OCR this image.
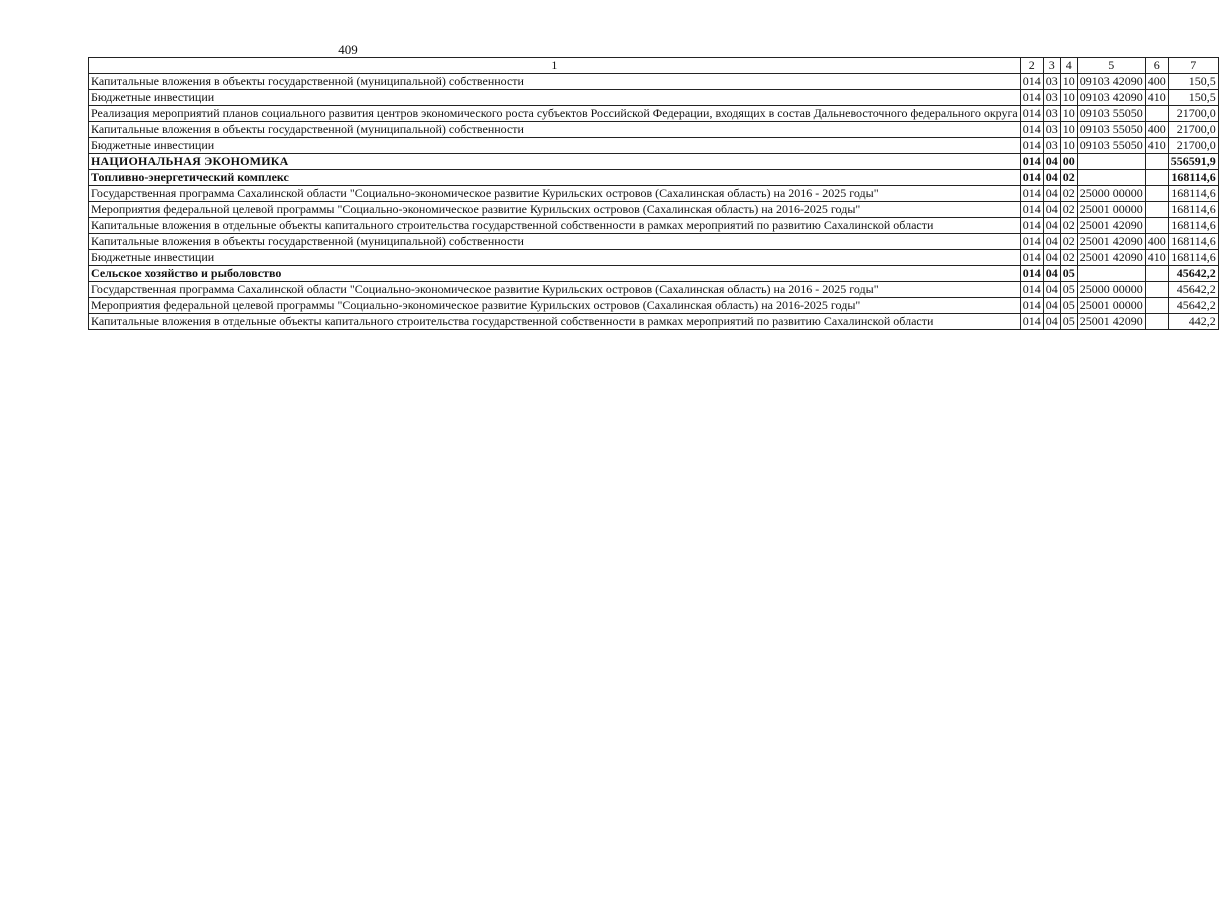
409
1	2	3	4	5	6	7
Капитальные вложения в объекты государственной (муниципальной) собственности	014	03	10	09103 42090	400	150,5
Бюджетные инвестиции	014	03	10	09103 42090	410	150,5
Реализация мероприятий планов социального развития центров экономического роста субъектов Российской Федерации, входящих в состав Дальневосточного федерального округа	014	03	10	09103 55050		21700,0
Капитальные вложения в объекты государственной (муниципальной) собственности	014	03	10	09103 55050	400	21700,0
Бюджетные инвестиции	014	03	10	09103 55050	410	21700,0
НАЦИОНАЛЬНАЯ ЭКОНОМИКА	014	04	00			556591,9
Топливно-энергетический комплекс	014	04	02			168114,6
Государственная программа Сахалинской области "Социально-экономическое развитие Курильских островов (Сахалинская область) на 2016 - 2025 годы"	014	04	02	25000 00000		168114,6
Мероприятия федеральной целевой программы "Социально-экономическое развитие Курильских островов (Сахалинская область) на 2016-2025 годы"	014	04	02	25001 00000		168114,6
Капитальные вложения в отдельные объекты капитального строительства государственной собственности в рамках мероприятий по развитию Сахалинской области	014	04	02	25001 42090		168114,6
Капитальные вложения в объекты государственной (муниципальной) собственности	014	04	02	25001 42090	400	168114,6
Бюджетные инвестиции	014	04	02	25001 42090	410	168114,6
Сельское хозяйство и рыболовство	014	04	05			45642,2
Государственная программа Сахалинской области "Социально-экономическое развитие Курильских островов (Сахалинская область) на 2016 - 2025 годы"	014	04	05	25000 00000		45642,2
Мероприятия федеральной целевой программы "Социально-экономическое развитие Курильских островов (Сахалинская область) на 2016-2025 годы"	014	04	05	25001 00000		45642,2
Капитальные вложения в отдельные объекты капитального строительства государственной собственности в рамках мероприятий по развитию Сахалинской области	014	04	05	25001 42090		442,2
